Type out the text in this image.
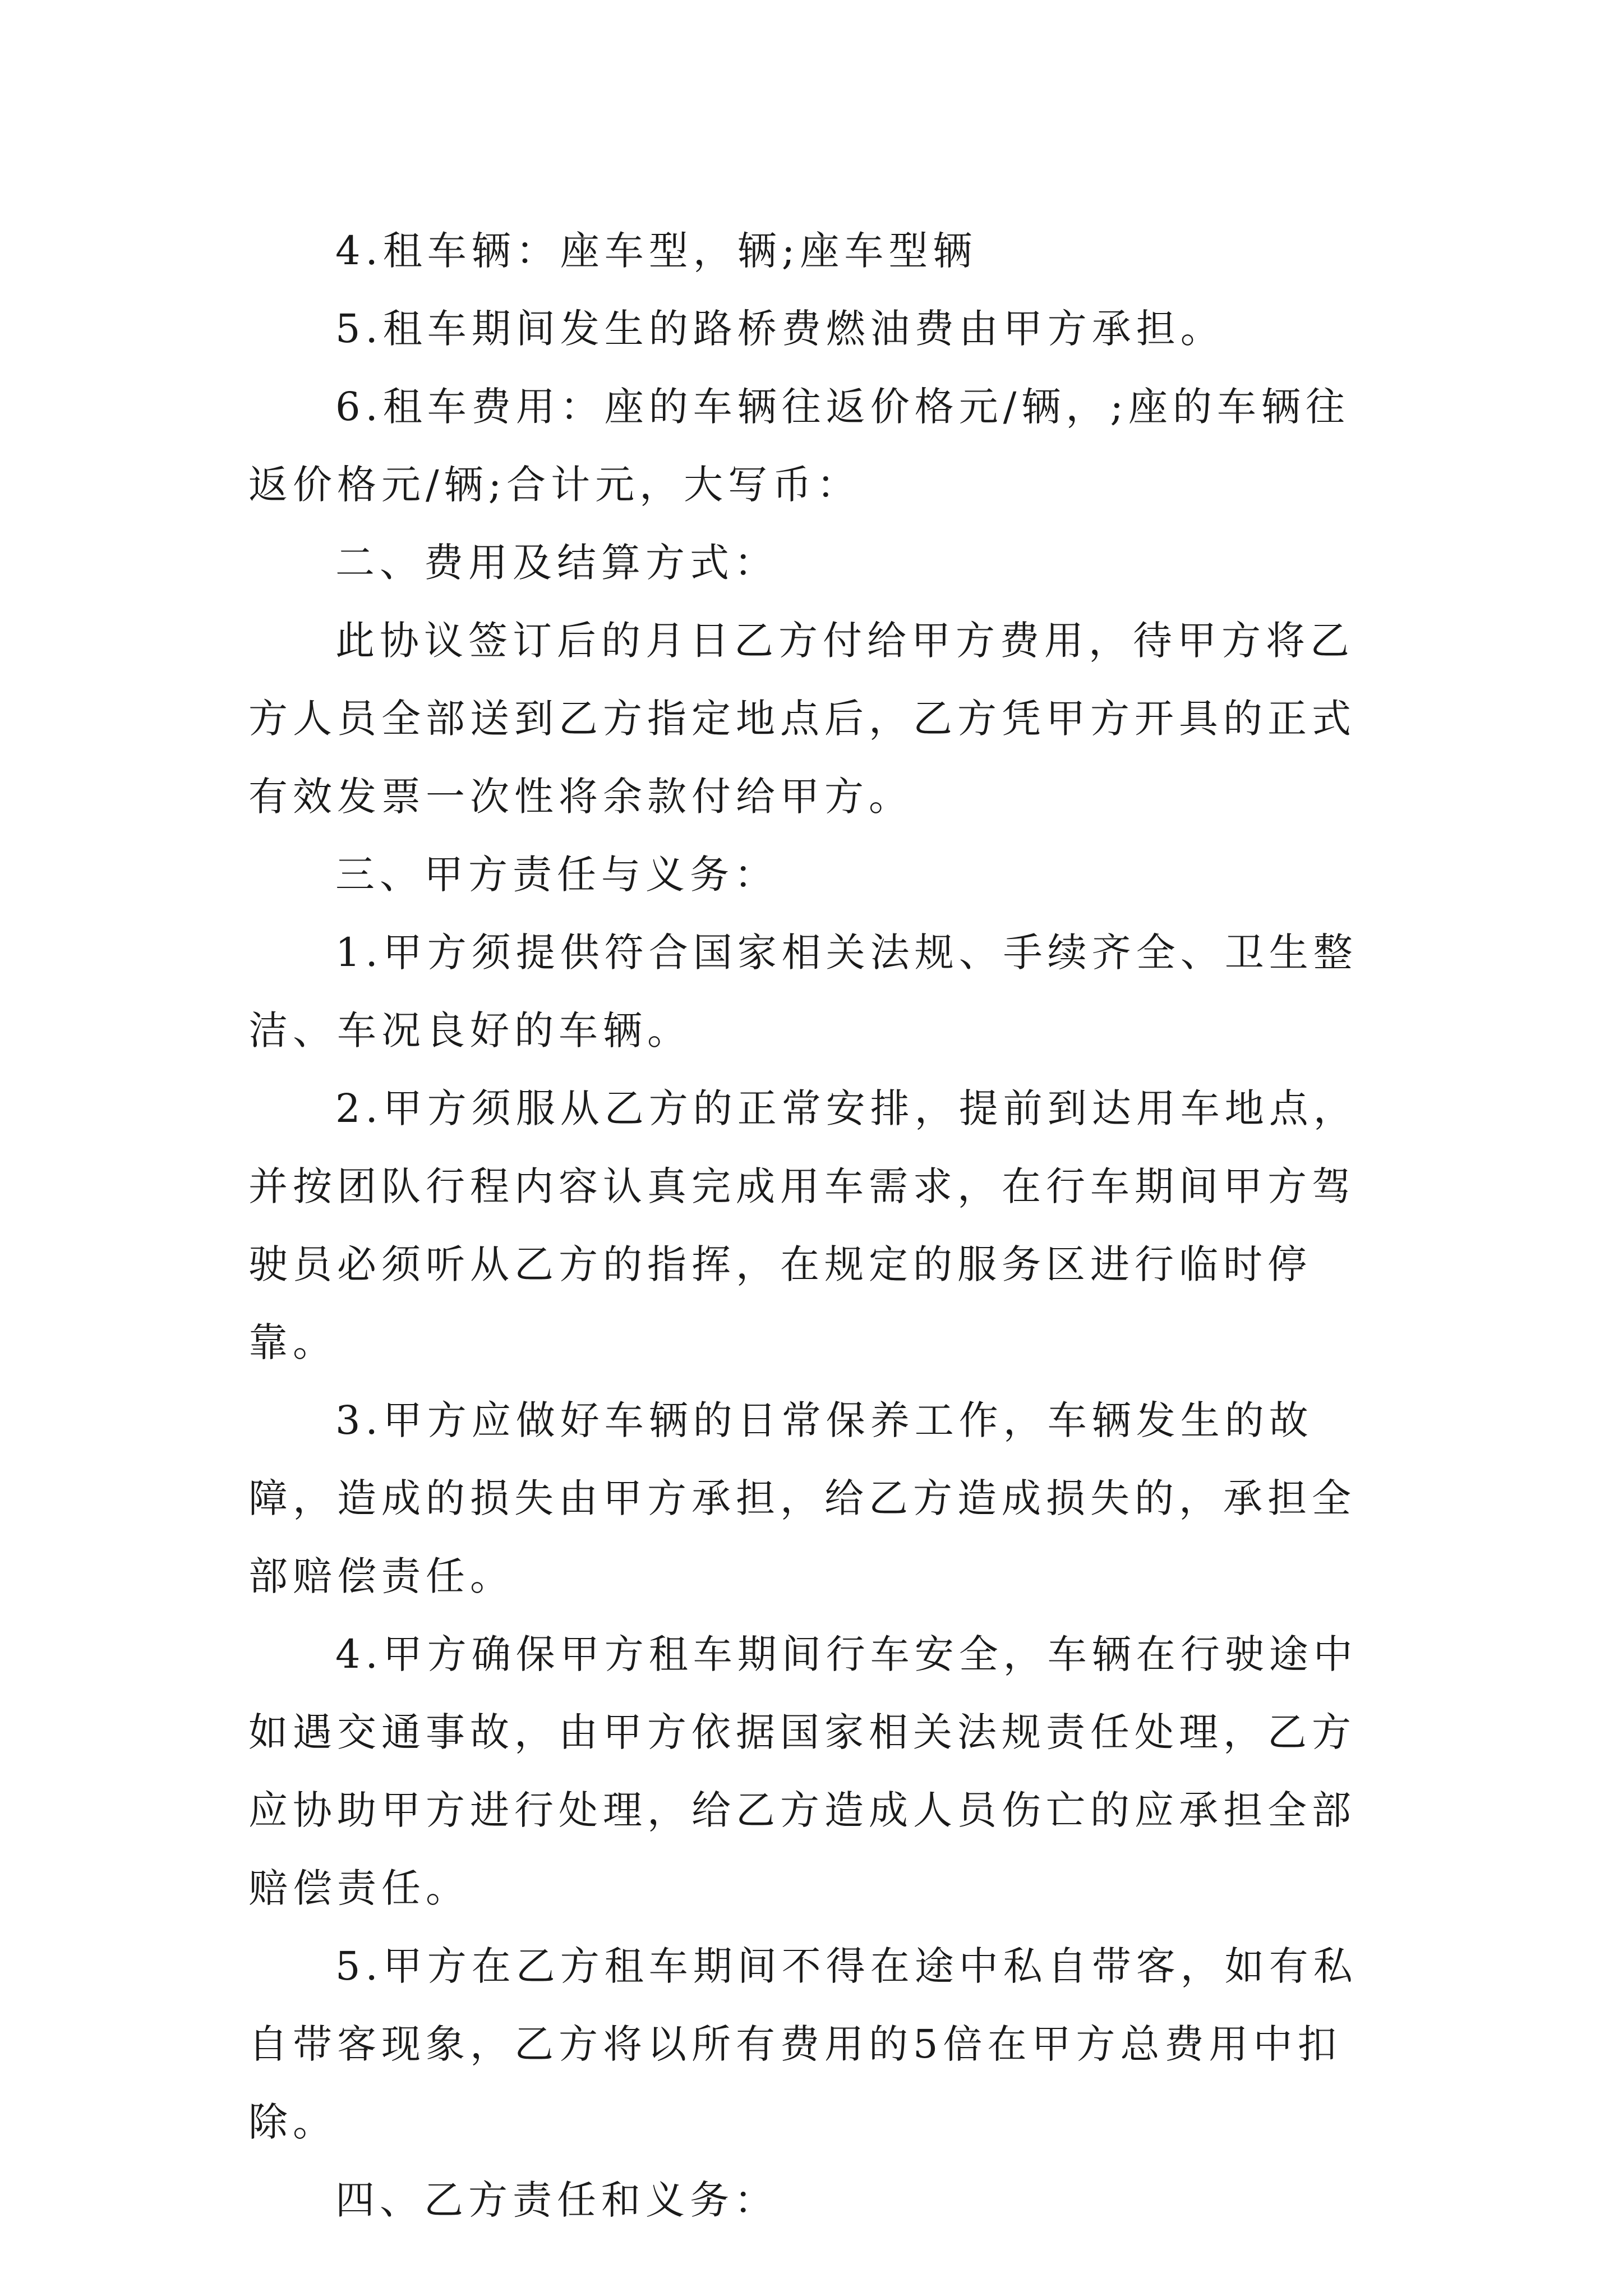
4.租车辆：座车型，辆;座车型辆

5.租车期间发生的路桥费燃油费由甲方承担。

6.租车费用：座的车辆往返价格元/辆，;座的车辆往返价格元/辆;合计元，大写币：

二、费用及结算方式：

此协议签订后的月日乙方付给甲方费用，待甲方将乙方人员全部送到乙方指定地点后，乙方凭甲方开具的正式有效发票一次性将余款付给甲方。

三、甲方责任与义务：

1.甲方须提供符合国家相关法规、手续齐全、卫生整洁、车况良好的车辆。

2.甲方须服从乙方的正常安排，提前到达用车地点，并按团队行程内容认真完成用车需求，在行车期间甲方驾驶员必须听从乙方的指挥，在规定的服务区进行临时停靠。

3.甲方应做好车辆的日常保养工作，车辆发生的故障，造成的损失由甲方承担，给乙方造成损失的，承担全部赔偿责任。

4.甲方确保甲方租车期间行车安全，车辆在行驶途中如遇交通事故，由甲方依据国家相关法规责任处理，乙方应协助甲方进行处理，给乙方造成人员伤亡的应承担全部赔偿责任。

5.甲方在乙方租车期间不得在途中私自带客，如有私自带客现象，乙方将以所有费用的5倍在甲方总费用中扣除。

四、乙方责任和义务：
